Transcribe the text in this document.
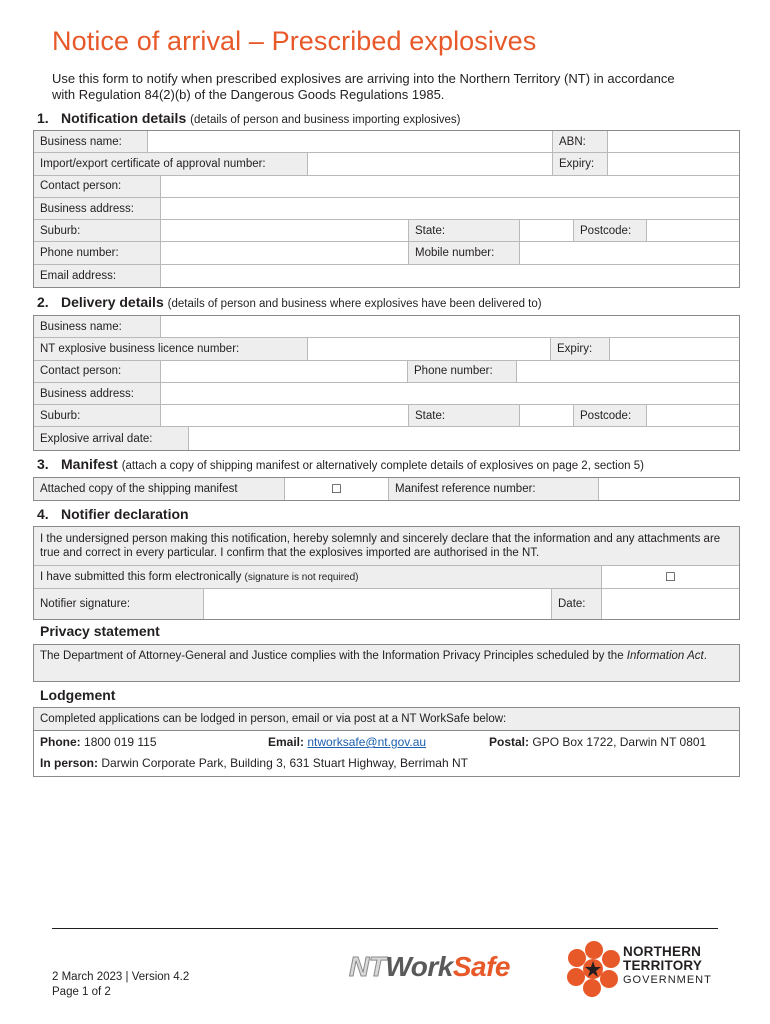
Notice of arrival – Prescribed explosives

Use this form to notify when prescribed explosives are arriving into the Northern Territory (NT) in accordance with Regulation 84(2)(b) of the Dangerous Goods Regulations 1985.

1. Notification details (details of person and business importing explosives)
Business name:	ABN:
Import/export certificate of approval number:	Expiry:
Contact person:
Business address:
Suburb:	State:	Postcode:
Phone number:	Mobile number:
Email address:
2. Delivery details (details of person and business where explosives have been delivered to)
Business name:
NT explosive business licence number:	Expiry:
Contact person:	Phone number:
Business address:
Suburb:	State:	Postcode:
Explosive arrival date:
3. Manifest (attach a copy of shipping manifest or alternatively complete details of explosives on page 2, section 5)
Attached copy of the shipping manifest	☐	Manifest reference number:
4. Notifier declaration
I the undersigned person making this notification, hereby solemnly and sincerely declare that the information and any attachments are true and correct in every particular. I confirm that the explosives imported are authorised in the NT.
I have submitted this form electronically
(signature is not required)	☐
Notifier signature:	Date:
Privacy statement
The Department of Attorney-General and Justice complies with the Information Privacy Principles scheduled by the Information Act.
Lodgement
Completed applications can be lodged in person, email or via post at a NT WorkSafe below:
Phone: 1800 019 115	Email: ntworksafe@nt.gov.au	Postal: GPO Box 1722, Darwin NT 0801
In person: Darwin Corporate Park, Building 3, 631 Stuart Highway, Berrimah NT
2 March 2023 | Version 4.2
Page 1 of 2
NTWorkSafe	NORTHERN
TERRITORY
GOVERNMENT
